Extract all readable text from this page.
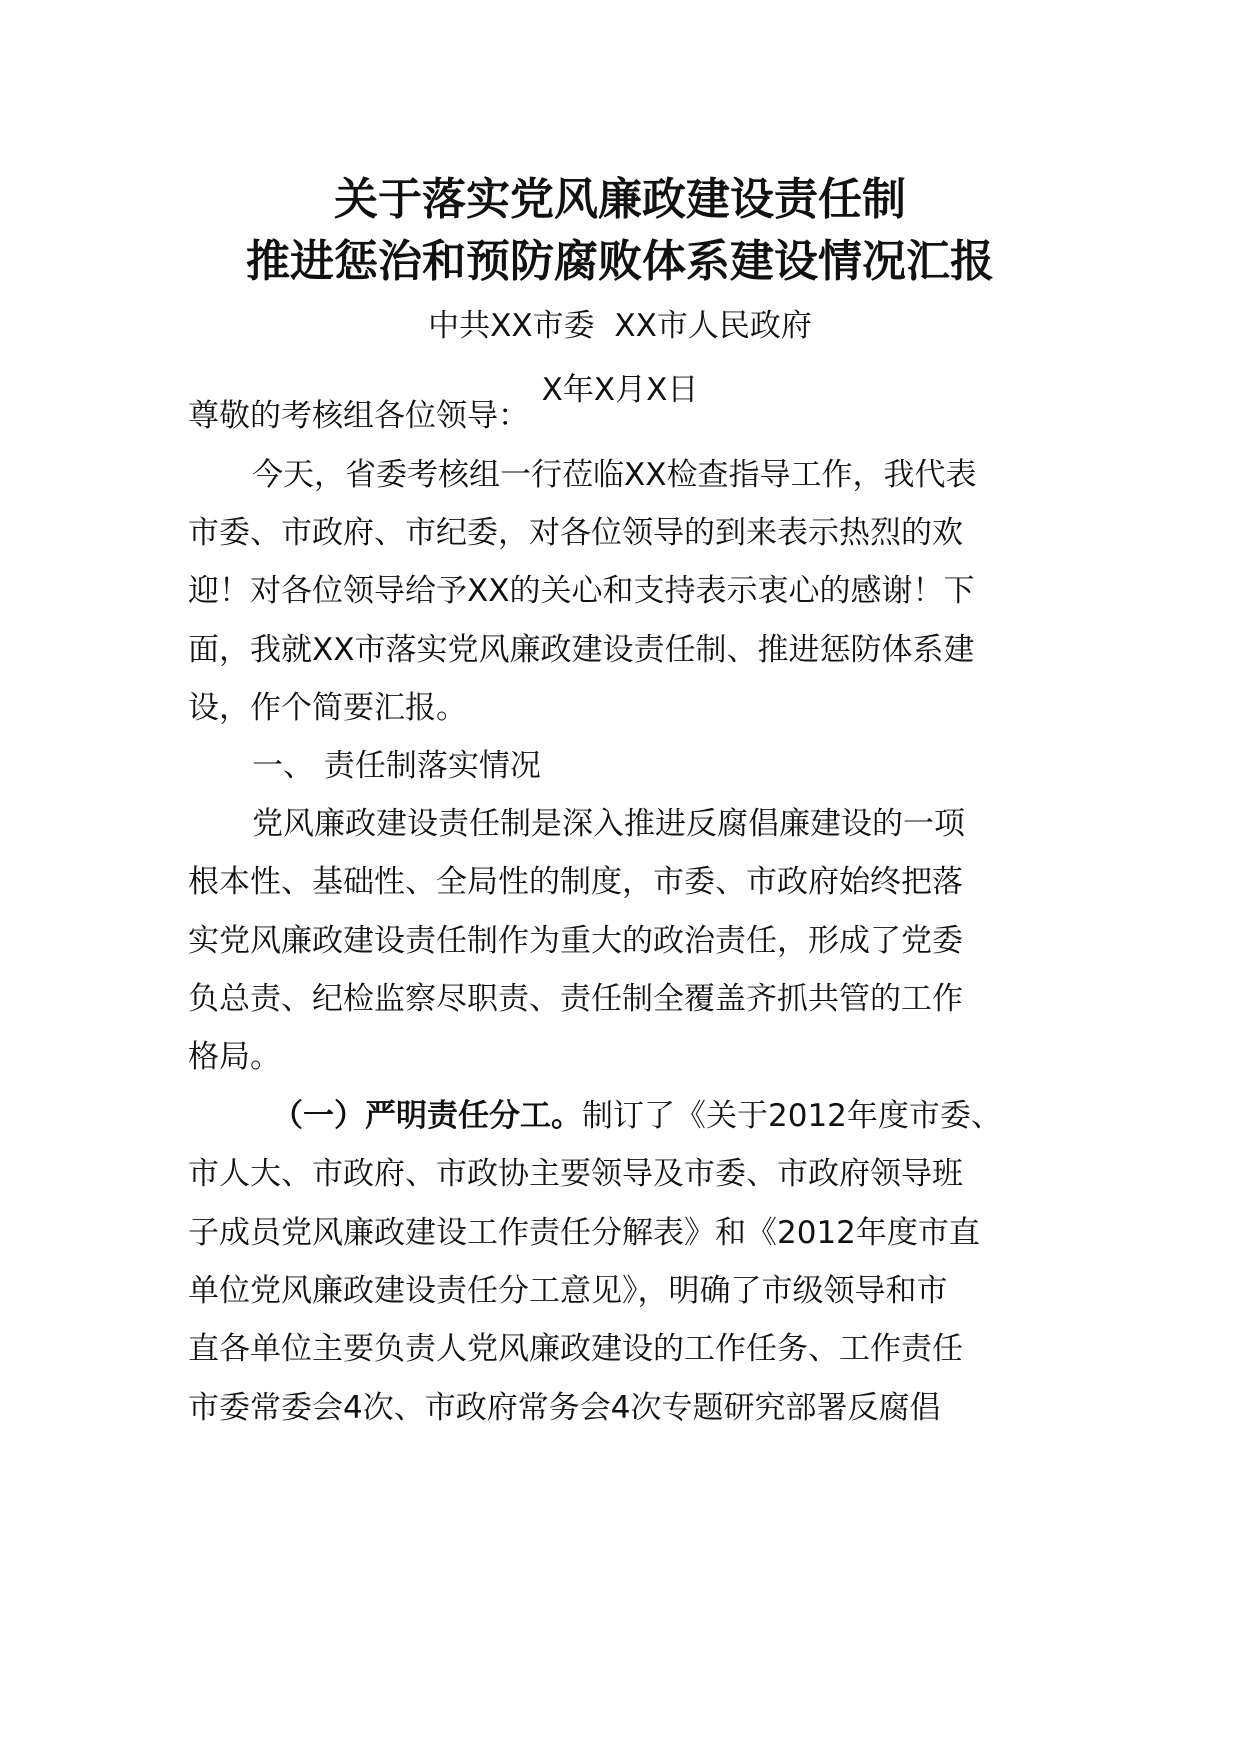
关于落实党风廉政建设责任制
推进惩治和预防腐败体系建设情况汇报
中共XX市委  XX市人民政府
X年X月X日
尊敬的考核组各位领导：
今天，省委考核组一行莅临XX检查指导工作，我代表
市委、市政府、市纪委，对各位领导的到来表示热烈的欢
迎！对各位领导给予XX的关心和支持表示衷心的感谢！下
面，我就XX市落实党风廉政建设责任制、推进惩防体系建
设，作个简要汇报。
一、 责任制落实情况
党风廉政建设责任制是深入推进反腐倡廉建设的一项
根本性、基础性、全局性的制度，市委、市政府始终把落
实党风廉政建设责任制作为重大的政治责任，形成了党委
负总责、纪检监察尽职责、责任制全覆盖齐抓共管的工作
格局。
（一）严明责任分工。制订了《关于2012年度市委、
市人大、市政府、市政协主要领导及市委、市政府领导班
子成员党风廉政建设工作责任分解表》和《2012年度市直
单位党风廉政建设责任分工意见》，明确了市级领导和市
直各单位主要负责人党风廉政建设的工作任务、工作责任
市委常委会4次、市政府常务会4次专题研究部署反腐倡
